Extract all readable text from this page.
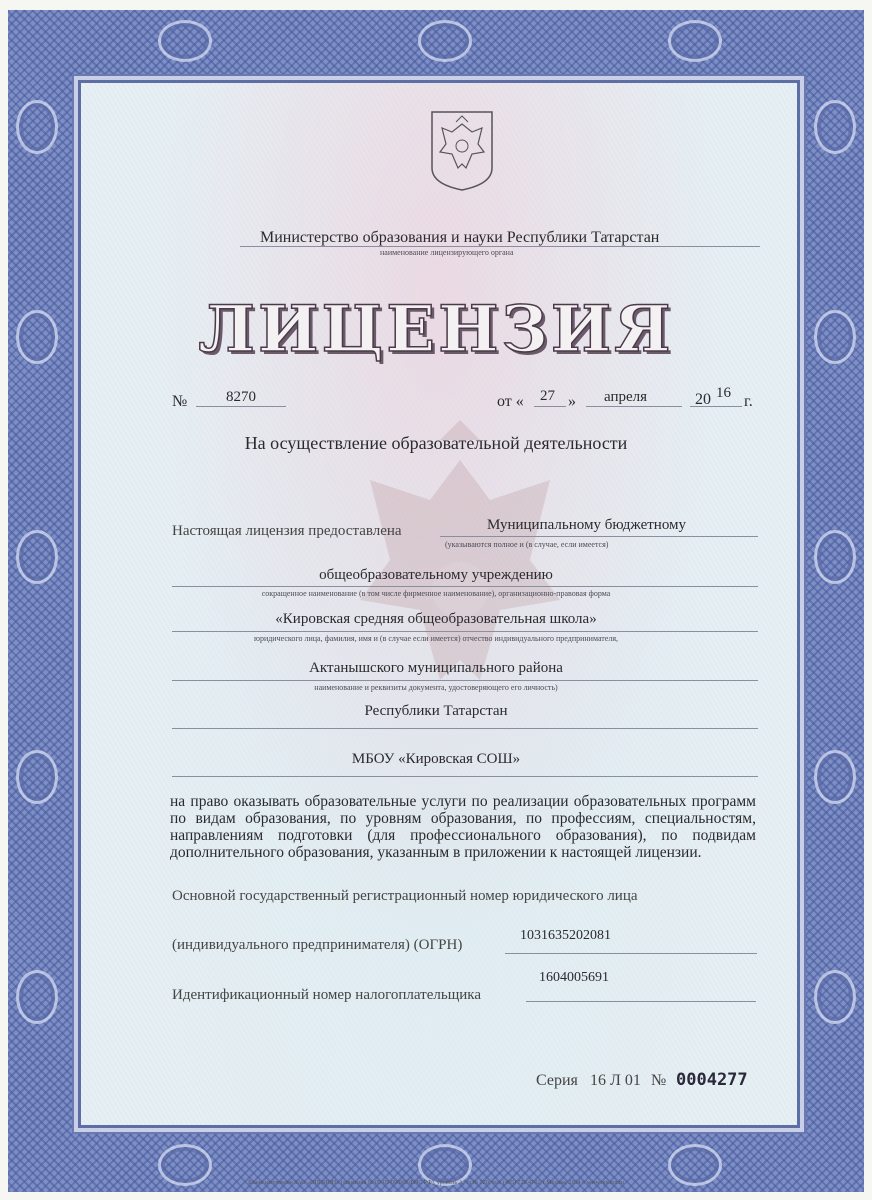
Министерство образования и науки Республики Татарстан
наименование лицензирующего органа
ЛИЦЕНЗИЯ
№	8270	от « 27 » апреля	20 16 г.
На осуществление образовательной деятельности
Настоящая лицензия предоставлена	Муниципальному бюджетному
(указываются полное и (в случае, если имеется)
общеобразовательному учреждению
сокращенное наименование (в том числе фирменное наименование), организационно-правовая форма
«Кировская средняя общеобразовательная школа»
юридического лица, фамилия, имя и (в случае если имеется) отчество индивидуального предпринимателя,
Актанышского муниципального района
наименование и реквизиты документа, удостоверяющего его личность)
Республики Татарстан
МБОУ «Кировская СОШ»
на право оказывать образовательные услуги по реализации образовательных программ по видам образования, по уровням образования, по профессиям, специальностям, направлениям подготовки (для профессионального образования), по подвидам дополнительного образования, указанным в приложении к настоящей лицензии.
Основной государственный регистрационный номер юридического лица
(индивидуального предпринимателя) (ОГРН)
1031635202081
Идентификационный номер налогоплательщика
1604005691
Серия 16 Л 01 № 0004277
Бланк изготовлен ЗАО «ОПЦИОН» (лицензия № 05-05-09/003 ФНС РФ), уровень А, тз № 520, тел. (495) 726 4742, г.Москва, 2014 г. www.opcion.ru
